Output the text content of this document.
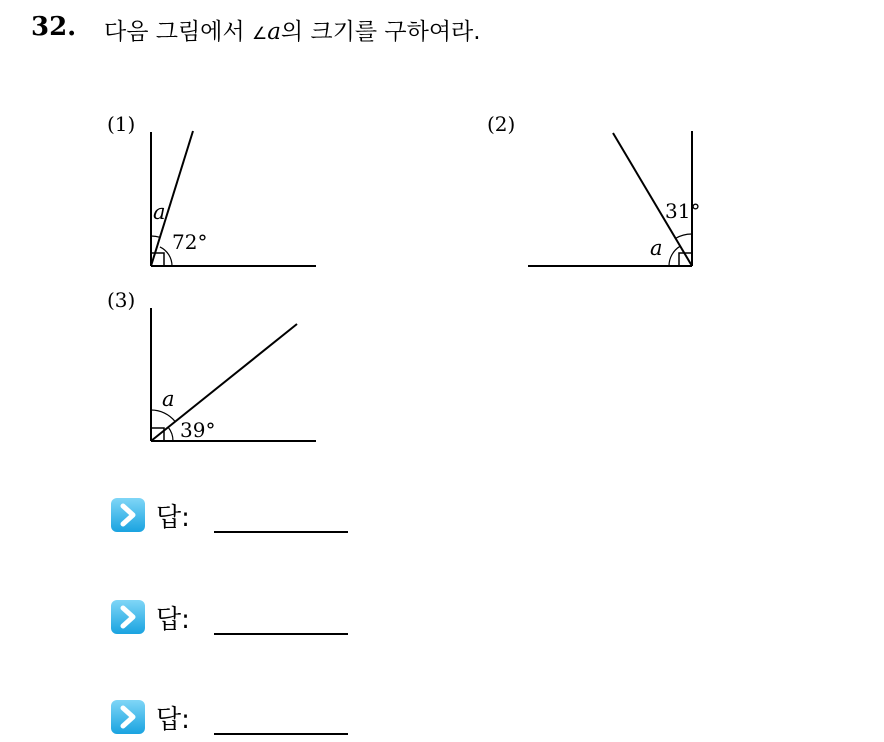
32. 다음 그림에서 ∠a의 크기를 구하여라.
(1)
a
72°
(2)
31°
a
(3)
a
39°
답:
답:
답:
